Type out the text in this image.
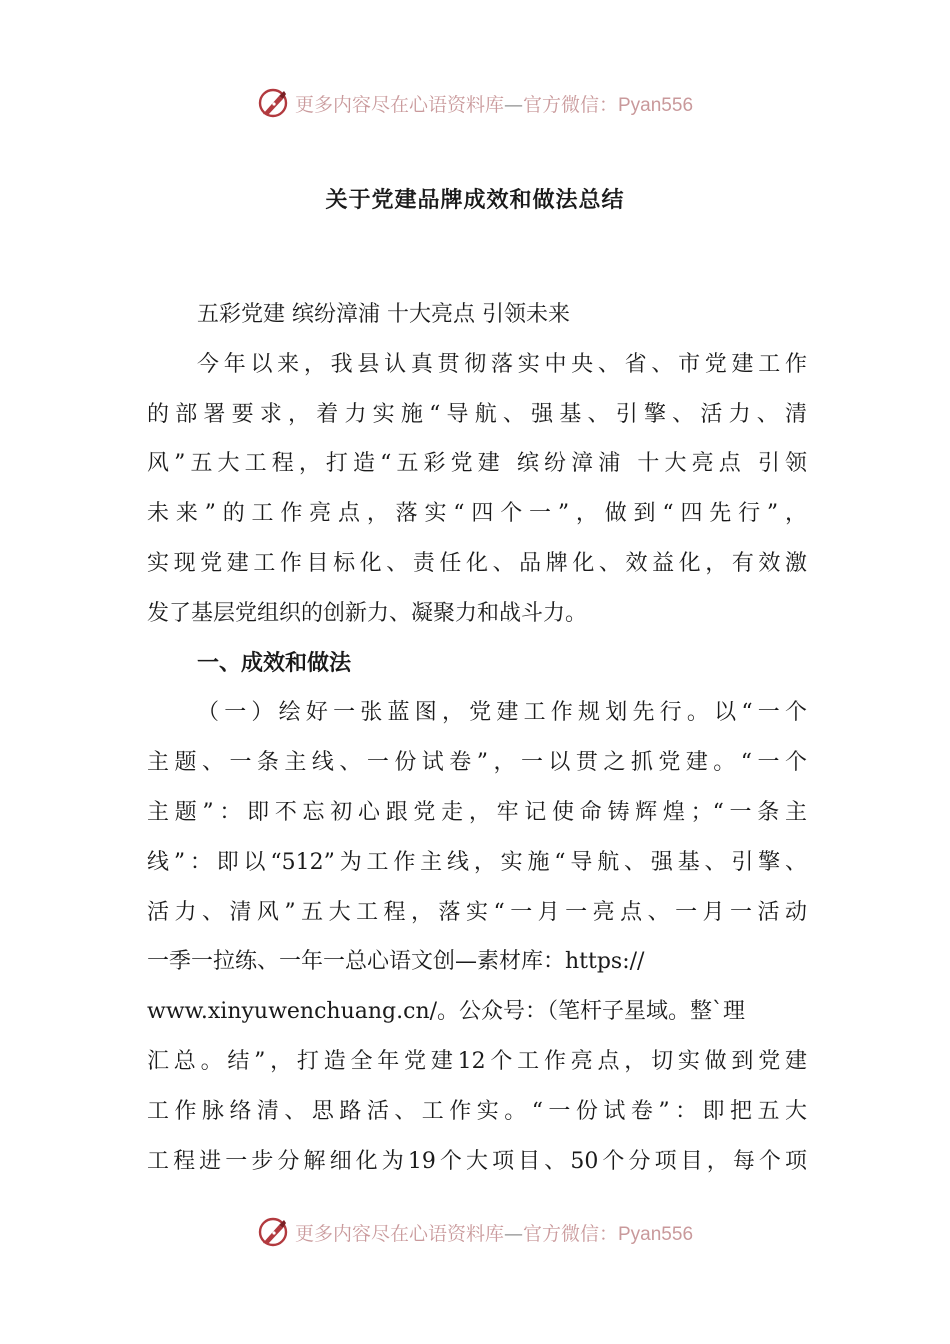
更多内容尽在心语资料库—官方微信：Pyan556
关于党建品牌成效和做法总结
五彩党建 缤纷漳浦 十大亮点 引领未来
今年以来，我县认真贯彻落实中央、省、市党建工作
的部署要求，着力实施“导航、强基、引擎、活力、清
风”五大工程，打造“五彩党建 缤纷漳浦 十大亮点 引领
未来”的工作亮点，落实“四个一”，做到“四先行”，
实现党建工作目标化、责任化、品牌化、效益化，有效激
发了基层党组织的创新力、凝聚力和战斗力。
一、成效和做法
（一）绘好一张蓝图，党建工作规划先行。以“一个
主题、一条主线、一份试卷”，一以贯之抓党建。“一个
主题”：即不忘初心跟党走，牢记使命铸辉煌；“一条主
线”：即以“512”为工作主线，实施“导航、强基、引擎、
活力、清风”五大工程，落实“一月一亮点、一月一活动
一季一拉练、一年一总心语文创—素材库：https://
www.xinyuwenchuang.cn/。公众号：（笔杆子星域。整`理
汇总。结”，打造全年党建12个工作亮点，切实做到党建
工作脉络清、思路活、工作实。“一份试卷”：即把五大
工程进一步分解细化为19个大项目、50个分项目，每个项
更多内容尽在心语资料库—官方微信：Pyan556
